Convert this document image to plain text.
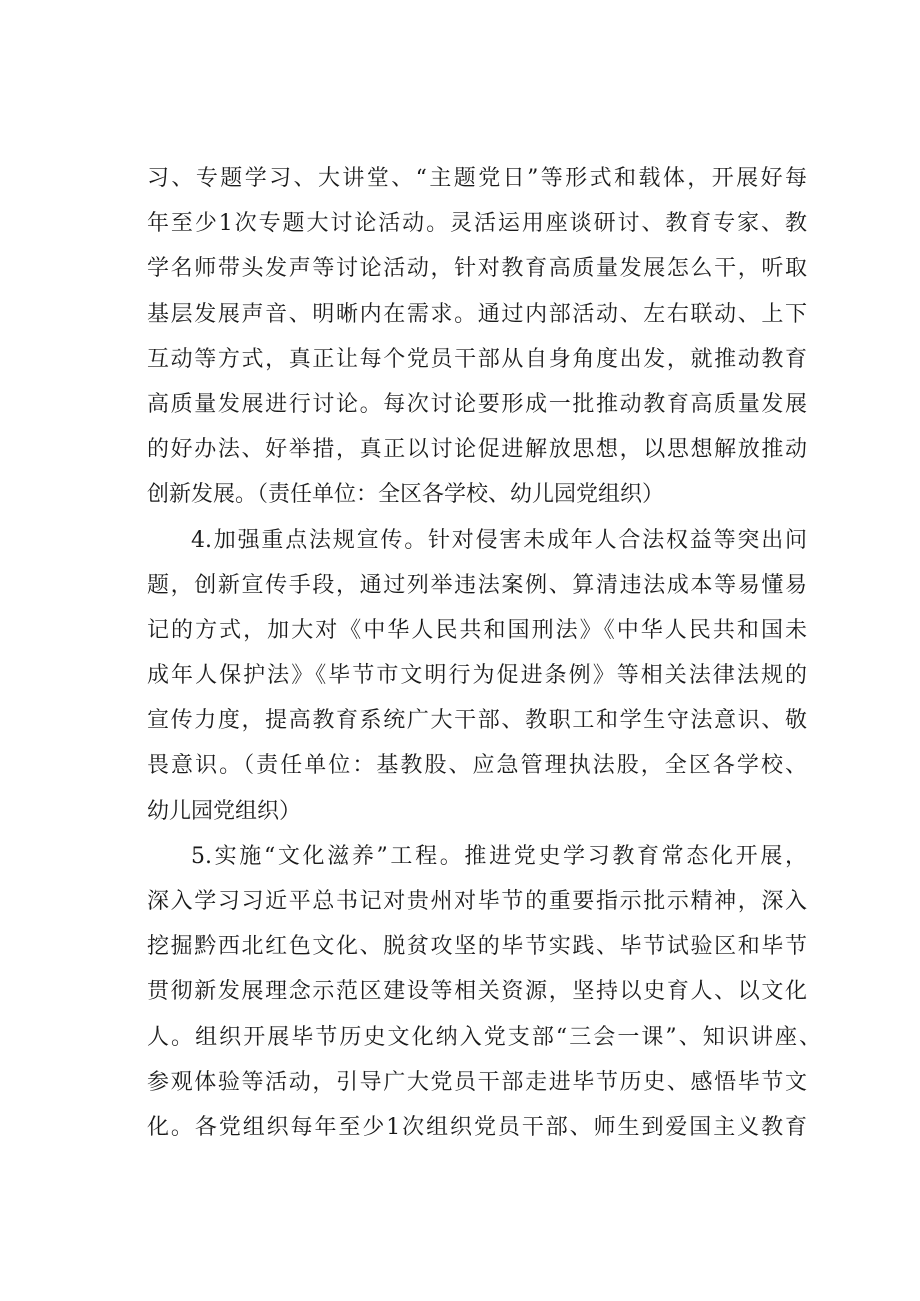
习、专题学习、大讲堂、“主题党日”等形式和载体，开展好每
年至少1次专题大讨论活动。灵活运用座谈研讨、教育专家、教
学名师带头发声等讨论活动，针对教育高质量发展怎么干，听取
基层发展声音、明晰内在需求。通过内部活动、左右联动、上下
互动等方式，真正让每个党员干部从自身角度出发，就推动教育
高质量发展进行讨论。每次讨论要形成一批推动教育高质量发展
的好办法、好举措，真正以讨论促进解放思想，以思想解放推动
创新发展。（责任单位：全区各学校、幼儿园党组织）
4.加强重点法规宣传。针对侵害未成年人合法权益等突出问
题，创新宣传手段，通过列举违法案例、算清违法成本等易懂易
记的方式，加大对《中华人民共和国刑法》《中华人民共和国未
成年人保护法》《毕节市文明行为促进条例》等相关法律法规的
宣传力度，提高教育系统广大干部、教职工和学生守法意识、敬
畏意识。（责任单位：基教股、应急管理执法股，全区各学校、
幼儿园党组织）
5.实施“文化滋养”工程。推进党史学习教育常态化开展，
深入学习习近平总书记对贵州对毕节的重要指示批示精神，深入
挖掘黔西北红色文化、脱贫攻坚的毕节实践、毕节试验区和毕节
贯彻新发展理念示范区建设等相关资源，坚持以史育人、以文化
人。组织开展毕节历史文化纳入党支部“三会一课”、知识讲座、
参观体验等活动，引导广大党员干部走进毕节历史、感悟毕节文
化。各党组织每年至少1次组织党员干部、师生到爱国主义教育
